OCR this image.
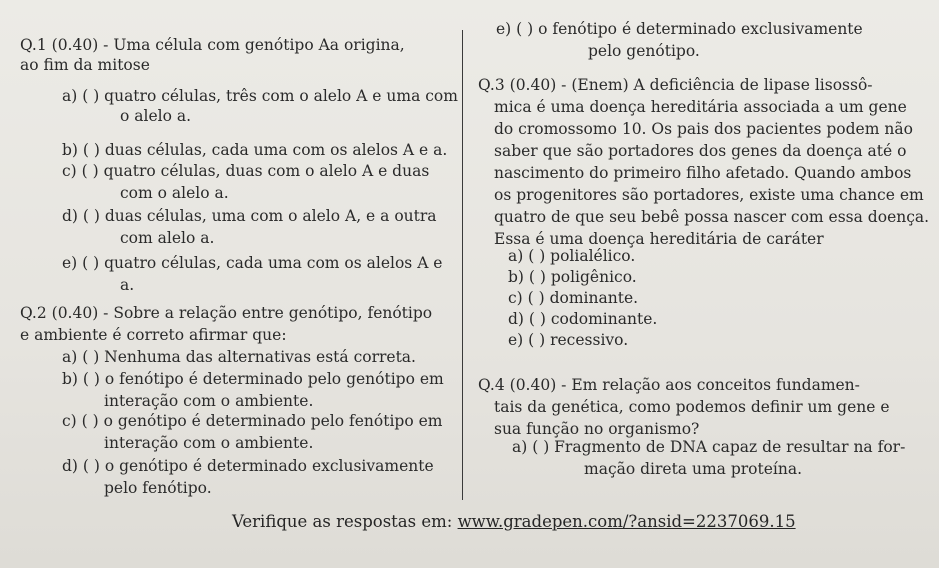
Q.1 (0.40) - Uma célula com genótipo Aa origina,
ao fim da mitose
a) ( ) quatro células, três com o alelo A e uma com
o alelo a.
b) ( ) duas células, cada uma com os alelos A e a.
c) ( ) quatro células, duas com o alelo A e duas
com o alelo a.
d) ( ) duas células, uma com o alelo A, e a outra
com alelo a.
e) ( ) quatro células, cada uma com os alelos A e
a.
Q.2 (0.40) - Sobre a relação entre genótipo, fenótipo
e ambiente é correto afirmar que:
a) ( ) Nenhuma das alternativas está correta.
b) ( ) o fenótipo é determinado pelo genótipo em
interação com o ambiente.
c) ( ) o genótipo é determinado pelo fenótipo em
interação com o ambiente.
d) ( ) o genótipo é determinado exclusivamente
pelo fenótipo.
e) ( ) o fenótipo é determinado exclusivamente
pelo genótipo.
Q.3 (0.40) - (Enem) A deficiência de lipase lisossô-
mica é uma doença hereditária associada a um gene
do cromossomo 10. Os pais dos pacientes podem não
saber que são portadores dos genes da doença até o
nascimento do primeiro filho afetado. Quando ambos
os progenitores são portadores, existe uma chance em
quatro de que seu bebê possa nascer com essa doença.
Essa é uma doença hereditária de caráter
a) ( ) polialélico.
b) ( ) poligênico.
c) ( ) dominante.
d) ( ) codominante.
e) ( ) recessivo.
Q.4 (0.40) - Em relação aos conceitos fundamen-
tais da genética, como podemos definir um gene e
sua função no organismo?
a) ( ) Fragmento de DNA capaz de resultar na for-
mação direta uma proteína.
Verifique as respostas em: www.gradepen.com/?ansid=2237069.15
